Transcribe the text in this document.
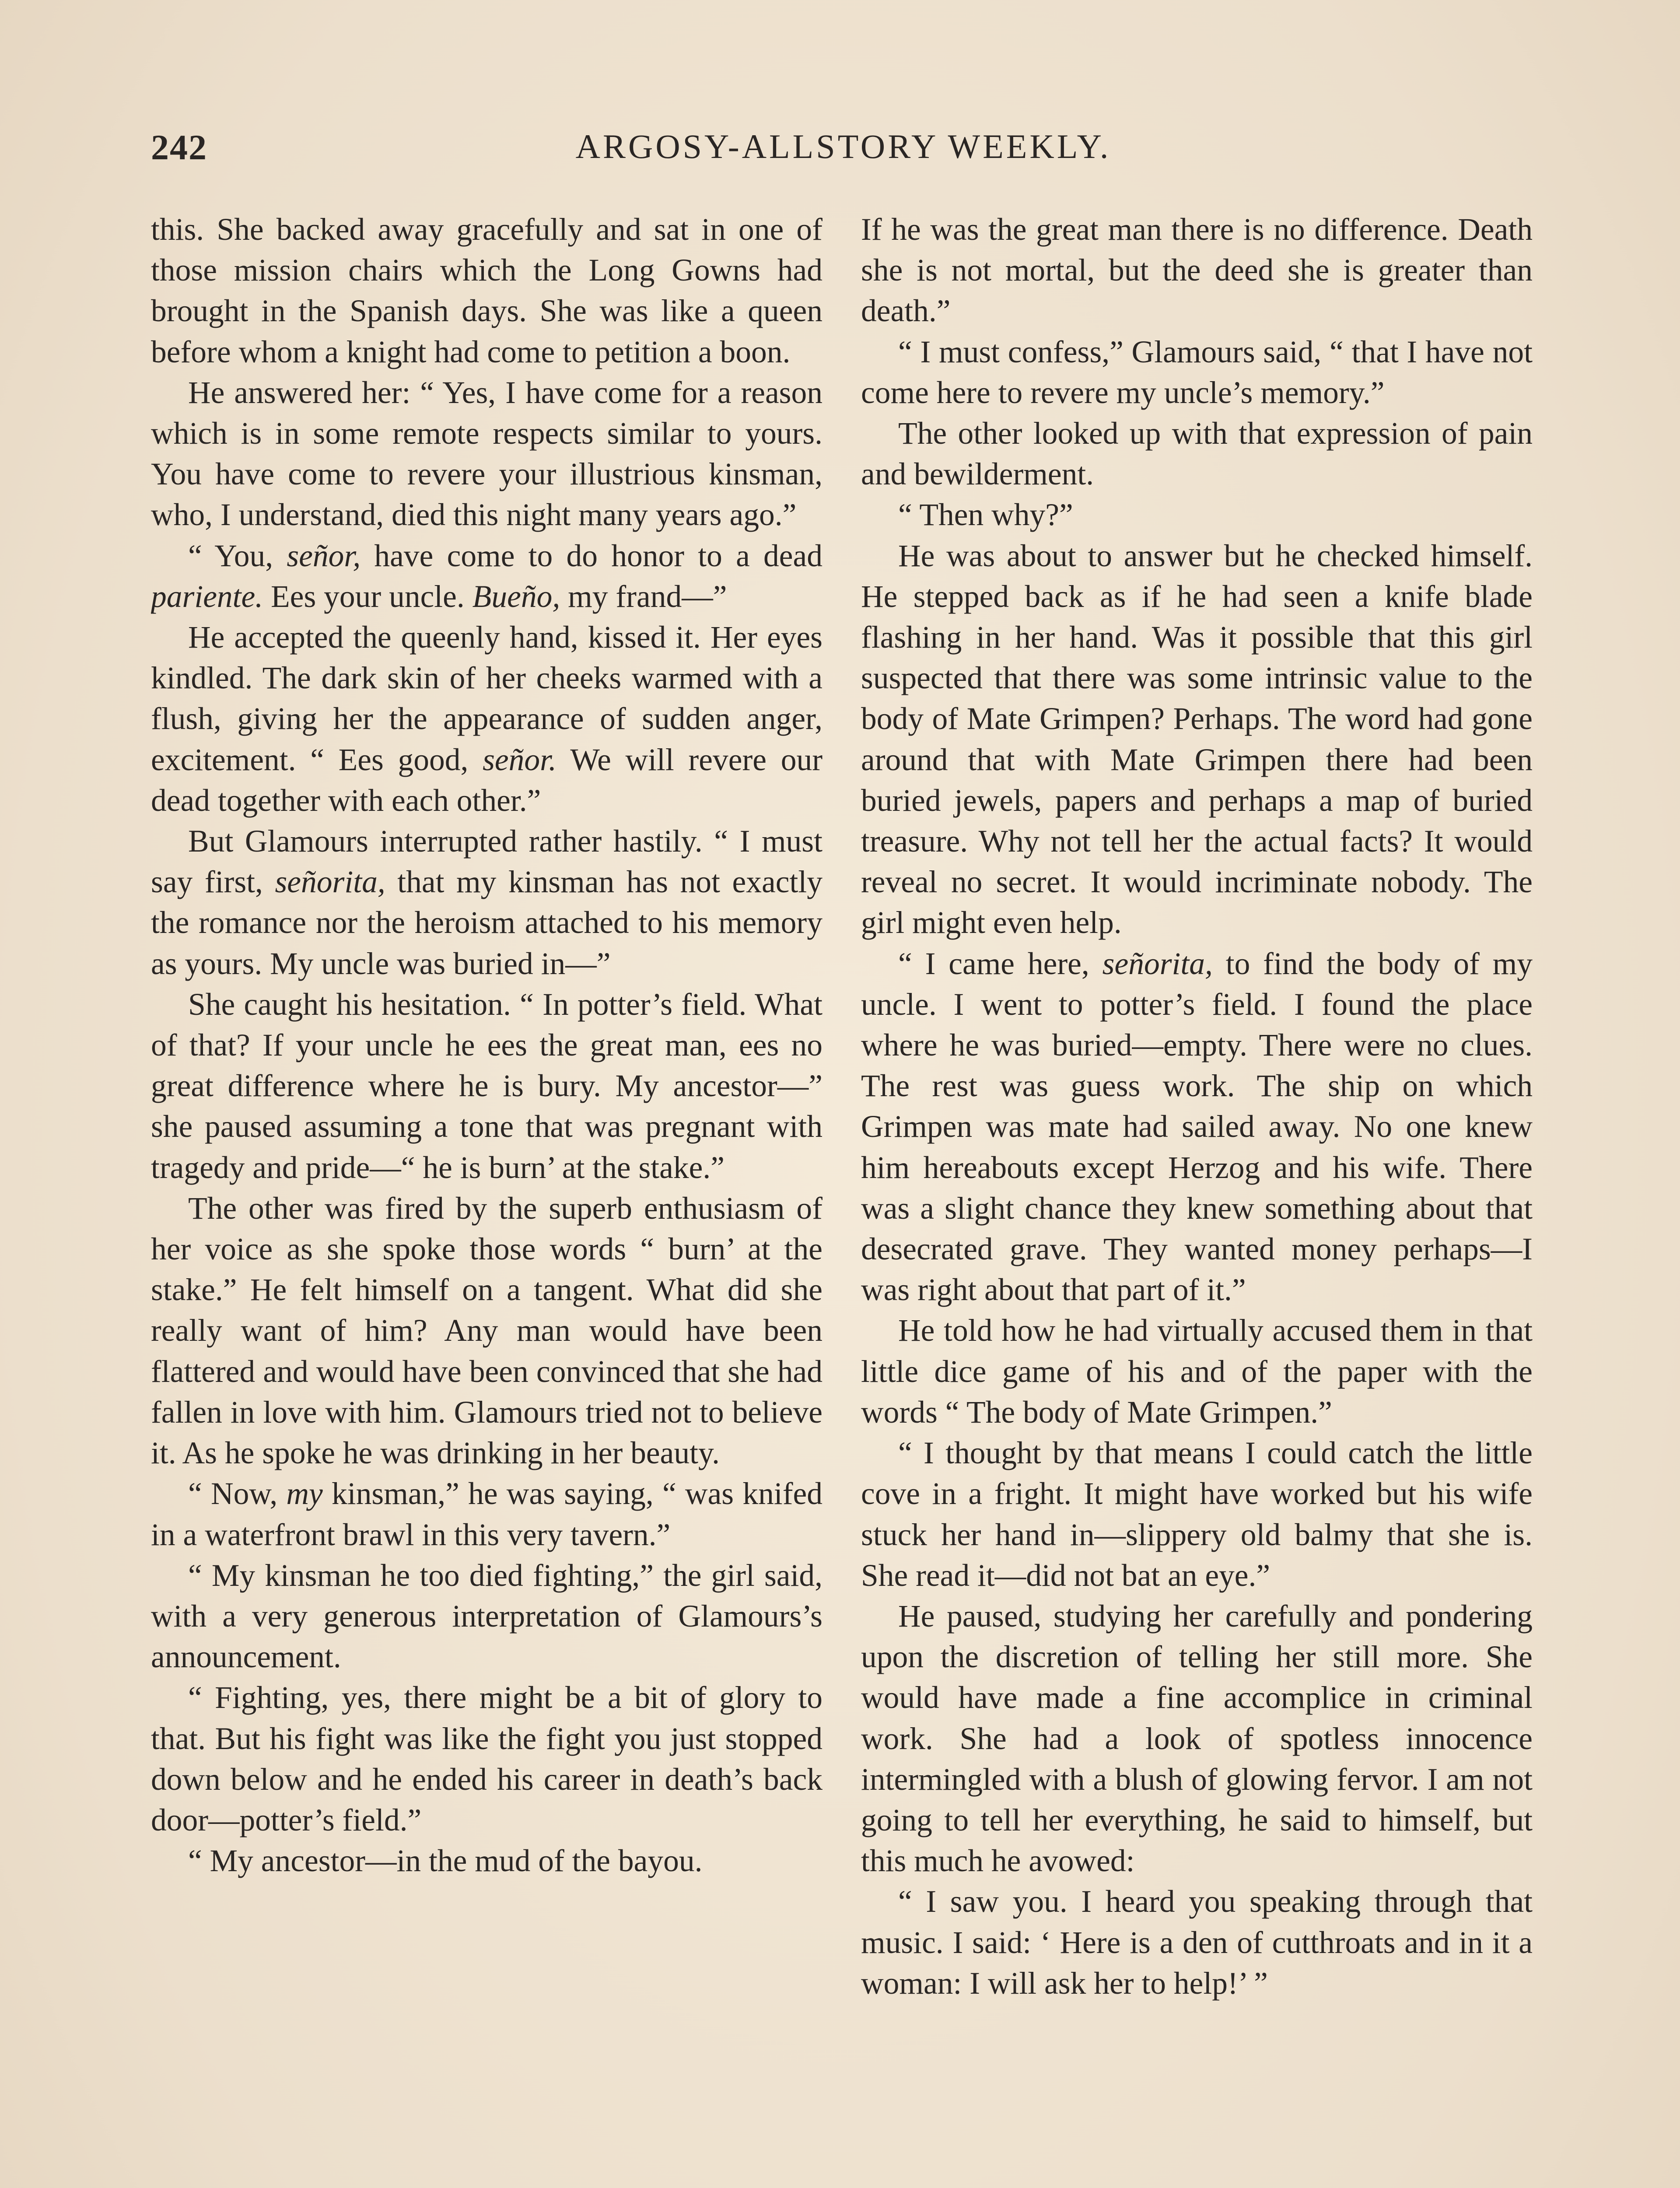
242	ARGOSY-ALLSTORY WEEKLY.

this. She backed away gracefully and sat in one of those mission chairs which the Long Gowns had brought in the Spanish days. She was like a queen before whom a knight had come to petition a boon.

He answered her: “ Yes, I have come for a reason which is in some remote respects similar to yours. You have come to revere your illustrious kinsman, who, I understand, died this night many years ago.”

“ You, señor, have come to do honor to a dead pariente. Ees your uncle. Bueño, my frand—”

He accepted the queenly hand, kissed it. Her eyes kindled. The dark skin of her cheeks warmed with a flush, giving her the appearance of sudden anger, excitement. “ Ees good, señor. We will revere our dead together with each other.”

But Glamours interrupted rather hastily. “ I must say first, señorita, that my kinsman has not exactly the romance nor the heroism attached to his memory as yours. My uncle was buried in—”

She caught his hesitation. “ In potter’s field. What of that? If your uncle he ees the great man, ees no great difference where he is bury. My ancestor—” she paused assuming a tone that was pregnant with tragedy and pride—“ he is burn’ at the stake.”

The other was fired by the superb enthusiasm of her voice as she spoke those words “ burn’ at the stake.” He felt himself on a tangent. What did she really want of him? Any man would have been flattered and would have been convinced that she had fallen in love with him. Glamours tried not to believe it. As he spoke he was drinking in her beauty.

“ Now, my kinsman,” he was saying, “ was knifed in a waterfront brawl in this very tavern.”

“ My kinsman he too died fighting,” the girl said, with a very generous interpretation of Glamours’s announcement.

“ Fighting, yes, there might be a bit of glory to that. But his fight was like the fight you just stopped down below and he ended his career in death’s back door—potter’s field.”

“ My ancestor—in the mud of the bayou.

If he was the great man there is no difference. Death she is not mortal, but the deed she is greater than death.”

“ I must confess,” Glamours said, “ that I have not come here to revere my uncle’s memory.”

The other looked up with that expression of pain and bewilderment.

“ Then why?”

He was about to answer but he checked himself. He stepped back as if he had seen a knife blade flashing in her hand. Was it possible that this girl suspected that there was some intrinsic value to the body of Mate Grimpen? Perhaps. The word had gone around that with Mate Grimpen there had been buried jewels, papers and perhaps a map of buried treasure. Why not tell her the actual facts? It would reveal no secret. It would incriminate nobody. The girl might even help.

“ I came here, señorita, to find the body of my uncle. I went to potter’s field. I found the place where he was buried—empty. There were no clues. The rest was guess work. The ship on which Grimpen was mate had sailed away. No one knew him hereabouts except Herzog and his wife. There was a slight chance they knew something about that desecrated grave. They wanted money perhaps—I was right about that part of it.”

He told how he had virtually accused them in that little dice game of his and of the paper with the words “ The body of Mate Grimpen.”

“ I thought by that means I could catch the little cove in a fright. It might have worked but his wife stuck her hand in—slippery old balmy that she is. She read it—did not bat an eye.”

He paused, studying her carefully and pondering upon the discretion of telling her still more. She would have made a fine accomplice in criminal work. She had a look of spotless innocence intermingled with a blush of glowing fervor. I am not going to tell her everything, he said to himself, but this much he avowed:

“ I saw you. I heard you speaking through that music. I said: ‘ Here is a den of cutthroats and in it a woman: I will ask her to help!’ ”
